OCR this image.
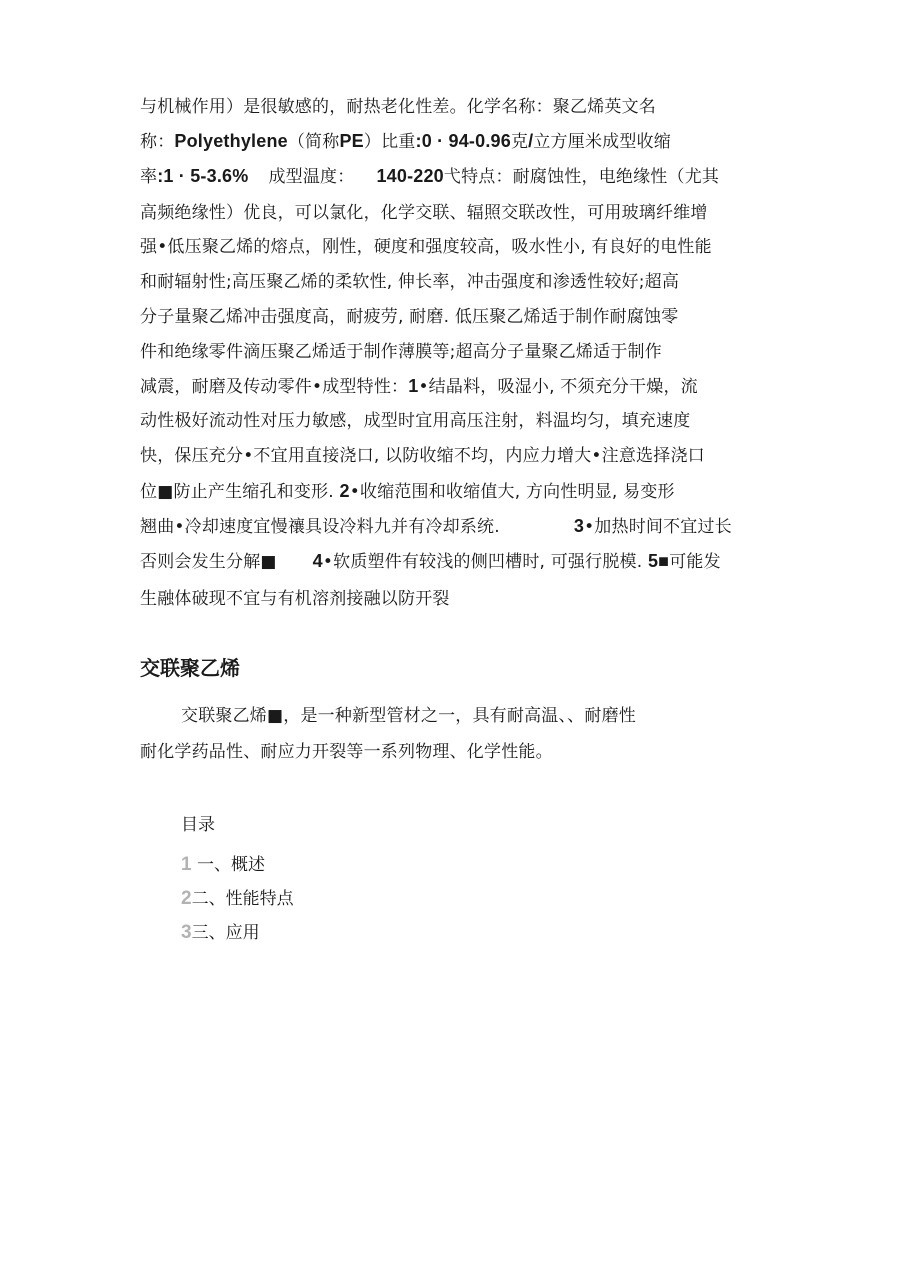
与机械作用）是很敏感的，耐热老化性差。化学名称：聚乙烯英文名
称：Polyethylene（简称PE）比重:0 · 94-0.96克/立方厘米成型收缩
率:1 · 5-3.6% 成型温度： 140-220弋特点：耐腐蚀性，电绝缘性（尤其
高频绝缘性）优良，可以氯化，化学交联、辐照交联改性，可用玻璃纤维增
强•低压聚乙烯的熔点，刚性，硬度和强度较高，吸水性小, 有良好的电性能
和耐辐射性;高压聚乙烯的柔软性, 伸长率，冲击强度和渗透性较好;超高
分子量聚乙烯冲击强度高，耐疲劳, 耐磨. 低压聚乙烯适于制作耐腐蚀零
件和绝缘零件滴压聚乙烯适于制作薄膜等;超高分子量聚乙烯适于制作
减震，耐磨及传动零件•成型特性：1•结晶料，吸湿小, 不须充分干燥，流
动性极好流动性对压力敏感，成型时宜用高压注射，料温均匀，填充速度
快，保压充分•不宜用直接浇口, 以防收缩不均，内应力增大•注意选择浇口
位■防止产生缩孔和变形. 2•收缩范围和收缩值大, 方向性明显, 易变形
翘曲•冷却速度宜慢禳具设冷料九并有冷却系统.	3•加热时间不宜过长
否则会发生分解■ 4•软质塑件有较浅的侧凹槽时, 可强行脱模. 5■可能发
生融体破现不宜与有机溶剂接融以防开裂
交联聚乙烯
交联聚乙烯■，是一种新型管材之一，具有耐高温、、耐磨性
耐化学药品性、耐应力开裂等一系列物理、化学性能。
目录
1 一、概述
2二、性能特点
3三、应用
